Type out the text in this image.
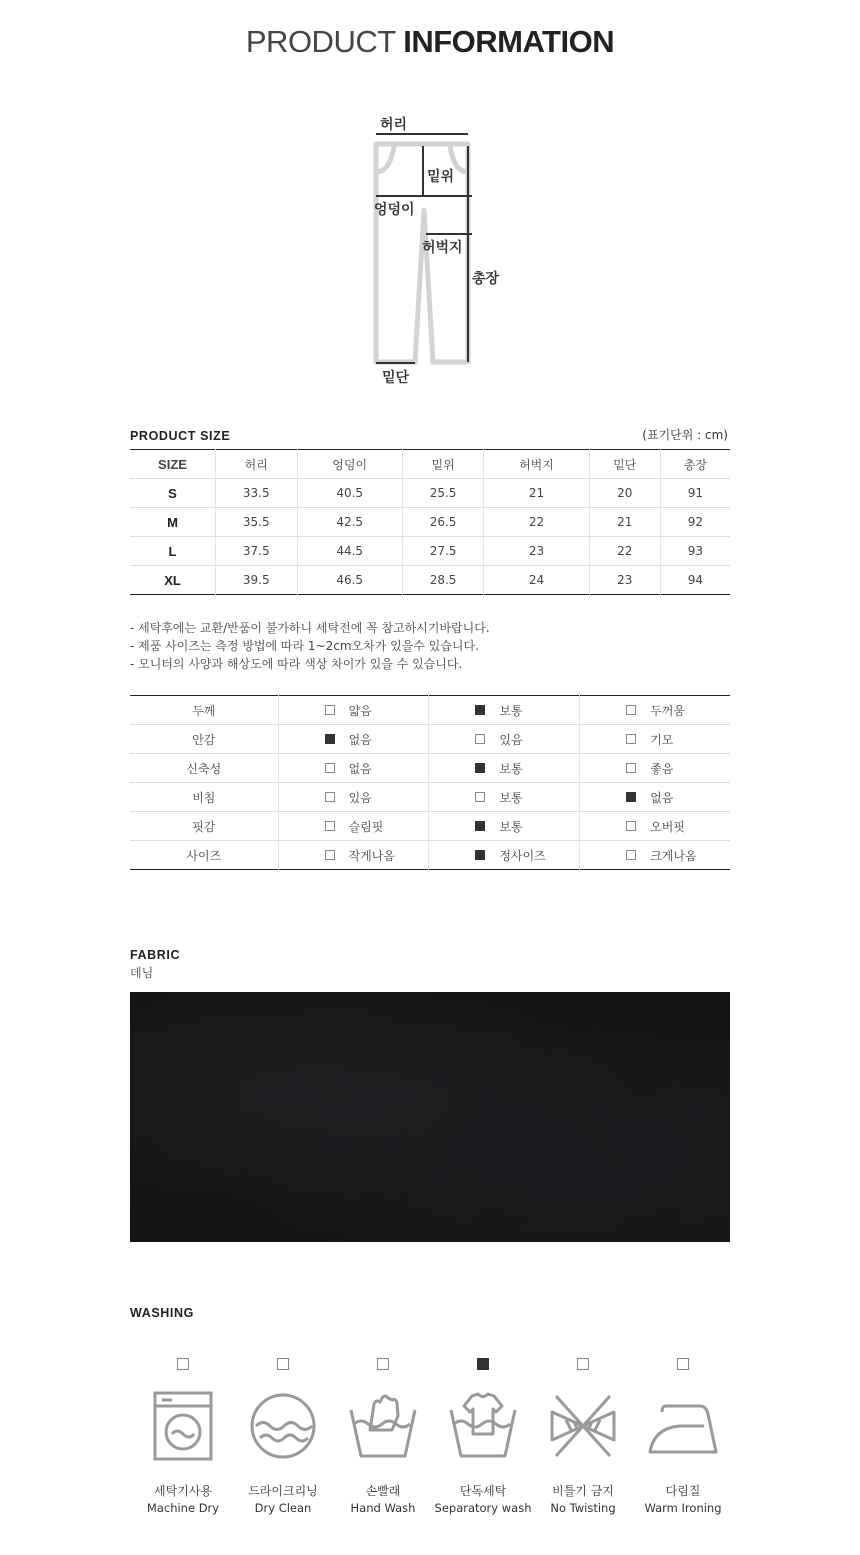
PRODUCT INFORMATION
허리
밑위
엉덩이
허벅지
총장
밑단
PRODUCT SIZE	(표기단위 : cm)
SIZE	허리	엉덩이	밑위	허벅지	밑단	총장
S	33.5	40.5	25.5	21	20	91
M	35.5	42.5	26.5	22	21	92
L	37.5	44.5	27.5	23	22	93
XL	39.5	46.5	28.5	24	23	94
- 세탁후에는 교환/반품이 불가하니 세탁전에 꼭 참고하시기바랍니다.
- 제품 사이즈는 측정 방법에 따라 1~2cm오차가 있을수 있습니다.
- 모니터의 사양과 해상도에 따라 색상 차이가 있을 수 있습니다.
두께	얇음	보통	두꺼움

안감	없음	있음	기모

신축성	없음	보통	좋음

비침	있음	보통	없음

핏감	슬림핏	보통	오버핏

사이즈	작게나옴	정사이즈	크게나옴
FABRIC
데님
WASHING
세탁기사용
Machine Dry
드라이크리닝
Dry Clean
손빨래
Hand Wash
단독세탁
Separatory wash
비틀기 금지
No Twisting
다림질
Warm Ironing
